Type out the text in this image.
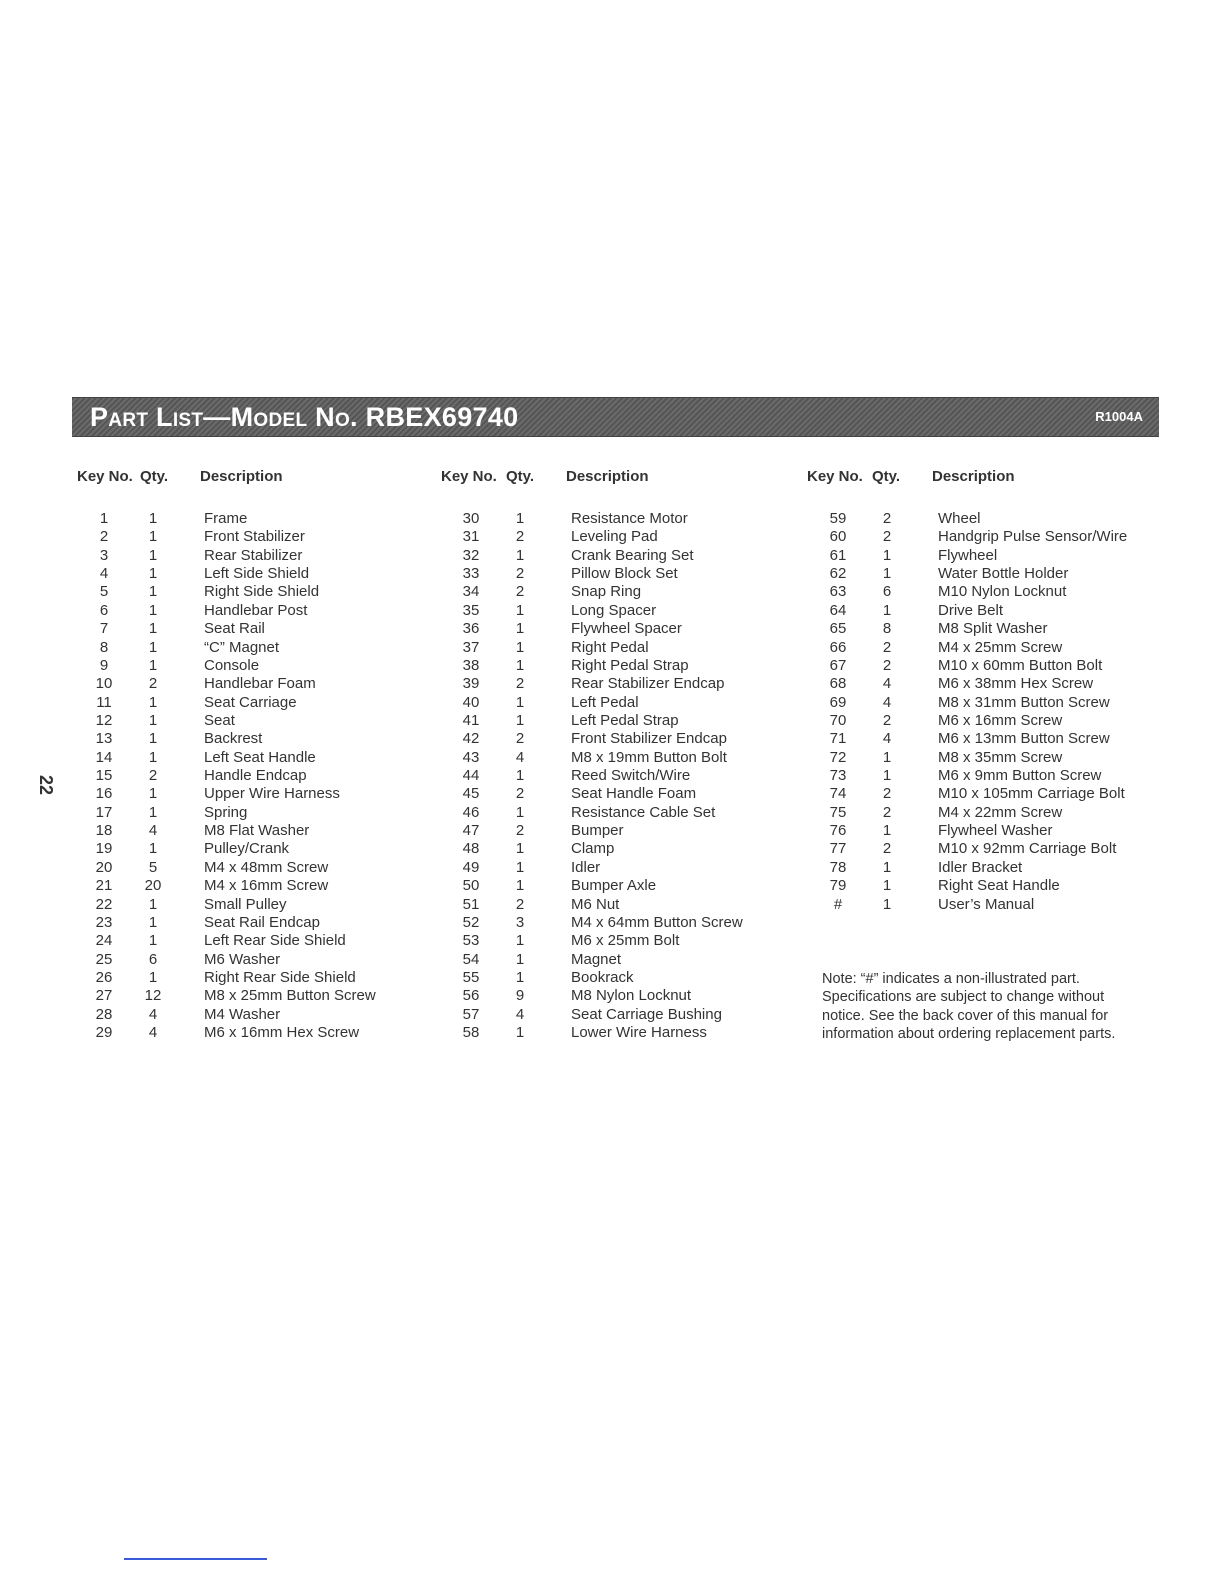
Part List—Model No. RBEX69740	R1004A
22
Key No. Qty. Description	Key No. Qty. Description	Key No. Qty. Description
1	1	Frame
2	1	Front Stabilizer
3	1	Rear Stabilizer
4	1	Left Side Shield
5	1	Right Side Shield
6	1	Handlebar Post
7	1	Seat Rail
8	1	“C” Magnet
9	1	Console
10	2	Handlebar Foam
11	1	Seat Carriage
12	1	Seat
13	1	Backrest
14	1	Left Seat Handle
15	2	Handle Endcap
16	1	Upper Wire Harness
17	1	Spring
18	4	M8 Flat Washer
19	1	Pulley/Crank
20	5	M4 x 48mm Screw
21	20	M4 x 16mm Screw
22	1	Small Pulley
23	1	Seat Rail Endcap
24	1	Left Rear Side Shield
25	6	M6 Washer
26	1	Right Rear Side Shield
27	12	M8 x 25mm Button Screw
28	4	M4 Washer
29	4	M6 x 16mm Hex Screw
30	1	Resistance Motor
31	2	Leveling Pad
32	1	Crank Bearing Set
33	2	Pillow Block Set
34	2	Snap Ring
35	1	Long Spacer
36	1	Flywheel Spacer
37	1	Right Pedal
38	1	Right Pedal Strap
39	2	Rear Stabilizer Endcap
40	1	Left Pedal
41	1	Left Pedal Strap
42	2	Front Stabilizer Endcap
43	4	M8 x 19mm Button Bolt
44	1	Reed Switch/Wire
45	2	Seat Handle Foam
46	1	Resistance Cable Set
47	2	Bumper
48	1	Clamp
49	1	Idler
50	1	Bumper Axle
51	2	M6 Nut
52	3	M4 x 64mm Button Screw
53	1	M6 x 25mm Bolt
54	1	Magnet
55	1	Bookrack
56	9	M8 Nylon Locknut
57	4	Seat Carriage Bushing
58	1	Lower Wire Harness
59	2	Wheel
60	2	Handgrip Pulse Sensor/Wire
61	1	Flywheel
62	1	Water Bottle Holder
63	6	M10 Nylon Locknut
64	1	Drive Belt
65	8	M8 Split Washer
66	2	M4 x 25mm Screw
67	2	M10 x 60mm Button Bolt
68	4	M6 x 38mm Hex Screw
69	4	M8 x 31mm Button Screw
70	2	M6 x 16mm Screw
71	4	M6 x 13mm Button Screw
72	1	M8 x 35mm Screw
73	1	M6 x 9mm Button Screw
74	2	M10 x 105mm Carriage Bolt
75	2	M4 x 22mm Screw
76	1	Flywheel Washer
77	2	M10 x 92mm Carriage Bolt
78	1	Idler Bracket
79	1	Right Seat Handle
#	1	User’s Manual
Note: “#” indicates a non-illustrated part.
Specifications are subject to change without
notice. See the back cover of this manual for
information about ordering replacement parts.
